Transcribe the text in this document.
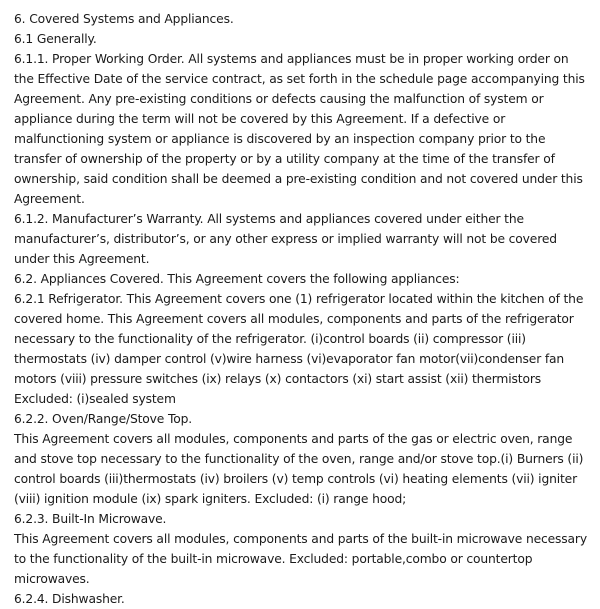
6. Covered Systems and Appliances.

6.1 Generally.

6.1.1. Proper Working Order. All systems and appliances must be in proper working order on the Effective Date of the service contract, as set forth in the schedule page accompanying this Agreement. Any pre-existing conditions or defects causing the malfunction of system or appliance during the term will not be covered by this Agreement. If a defective or malfunctioning system or appliance is discovered by an inspection company prior to the transfer of ownership of the property or by a utility company at the time of the transfer of ownership, said condition shall be deemed a pre-existing condition and not covered under this Agreement.

6.1.2. Manufacturer’s Warranty. All systems and appliances covered under either the manufacturer’s, distributor’s, or any other express or implied warranty will not be covered under this Agreement.

6.2. Appliances Covered. This Agreement covers the following appliances:

6.2.1 Refrigerator. This Agreement covers one (1) refrigerator located within the kitchen of the covered home. This Agreement covers all modules, components and parts of the refrigerator necessary to the functionality of the refrigerator. (i)control boards (ii) compressor (iii) thermostats (iv) damper control (v)wire harness (vi)evaporator fan motor(vii)condenser fan motors (viii) pressure switches (ix) relays (x) contactors (xi) start assist (xii) thermistors

Excluded: (i)sealed system

6.2.2. Oven/Range/Stove Top.

This Agreement covers all modules, components and parts of the gas or electric oven, range and stove top necessary to the functionality of the oven, range and/or stove top.(i) Burners (ii) control boards (iii)thermostats (iv) broilers (v) temp controls (vi) heating elements (vii) igniter (viii) ignition module (ix) spark igniters. Excluded: (i) range hood;

6.2.3. Built-In Microwave.

This Agreement covers all modules, components and parts of the built-in microwave necessary to the functionality of the built-in microwave. Excluded: portable,combo or countertop microwaves.

6.2.4. Dishwasher.
